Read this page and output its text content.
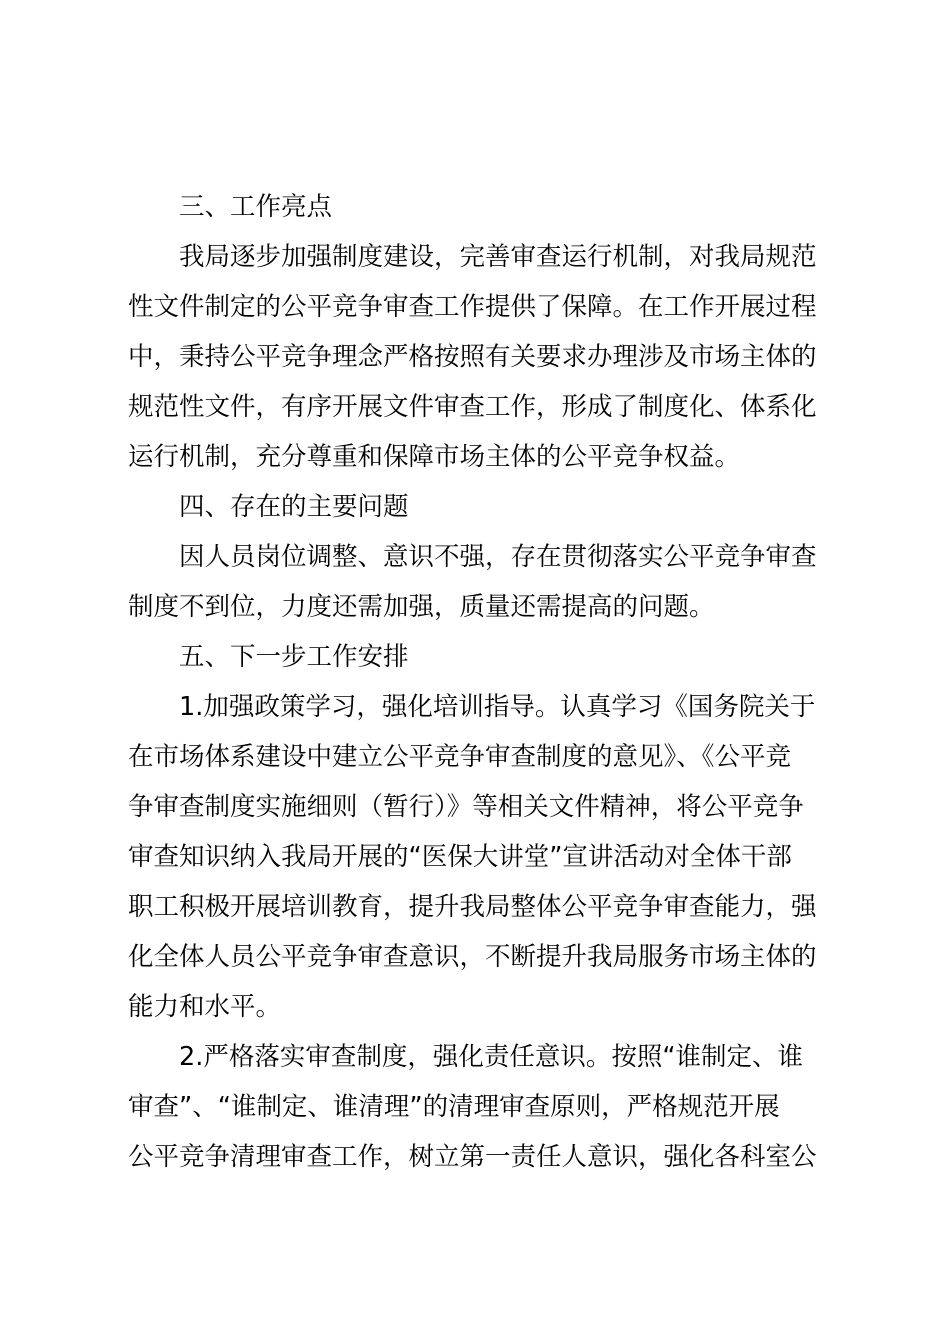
三、工作亮点

我局逐步加强制度建设，完善审查运行机制，对我局规范

性文件制定的公平竞争审查工作提供了保障。在工作开展过程

中，秉持公平竞争理念严格按照有关要求办理涉及市场主体的

规范性文件，有序开展文件审查工作，形成了制度化、体系化

运行机制，充分尊重和保障市场主体的公平竞争权益。

四、存在的主要问题

因人员岗位调整、意识不强，存在贯彻落实公平竞争审查

制度不到位，力度还需加强，质量还需提高的问题。

五、下一步工作安排

1.加强政策学习，强化培训指导。认真学习《国务院关于

在市场体系建设中建立公平竞争审查制度的意见》、《公平竞

争审查制度实施细则（暂行）》等相关文件精神，将公平竞争

审查知识纳入我局开展的“医保大讲堂”宣讲活动对全体干部

职工积极开展培训教育，提升我局整体公平竞争审查能力，强

化全体人员公平竞争审查意识，不断提升我局服务市场主体的

能力和水平。

2.严格落实审查制度，强化责任意识。按照“谁制定、谁

审查”、“谁制定、谁清理”的清理审查原则，严格规范开展

公平竞争清理审查工作，树立第一责任人意识，强化各科室公
